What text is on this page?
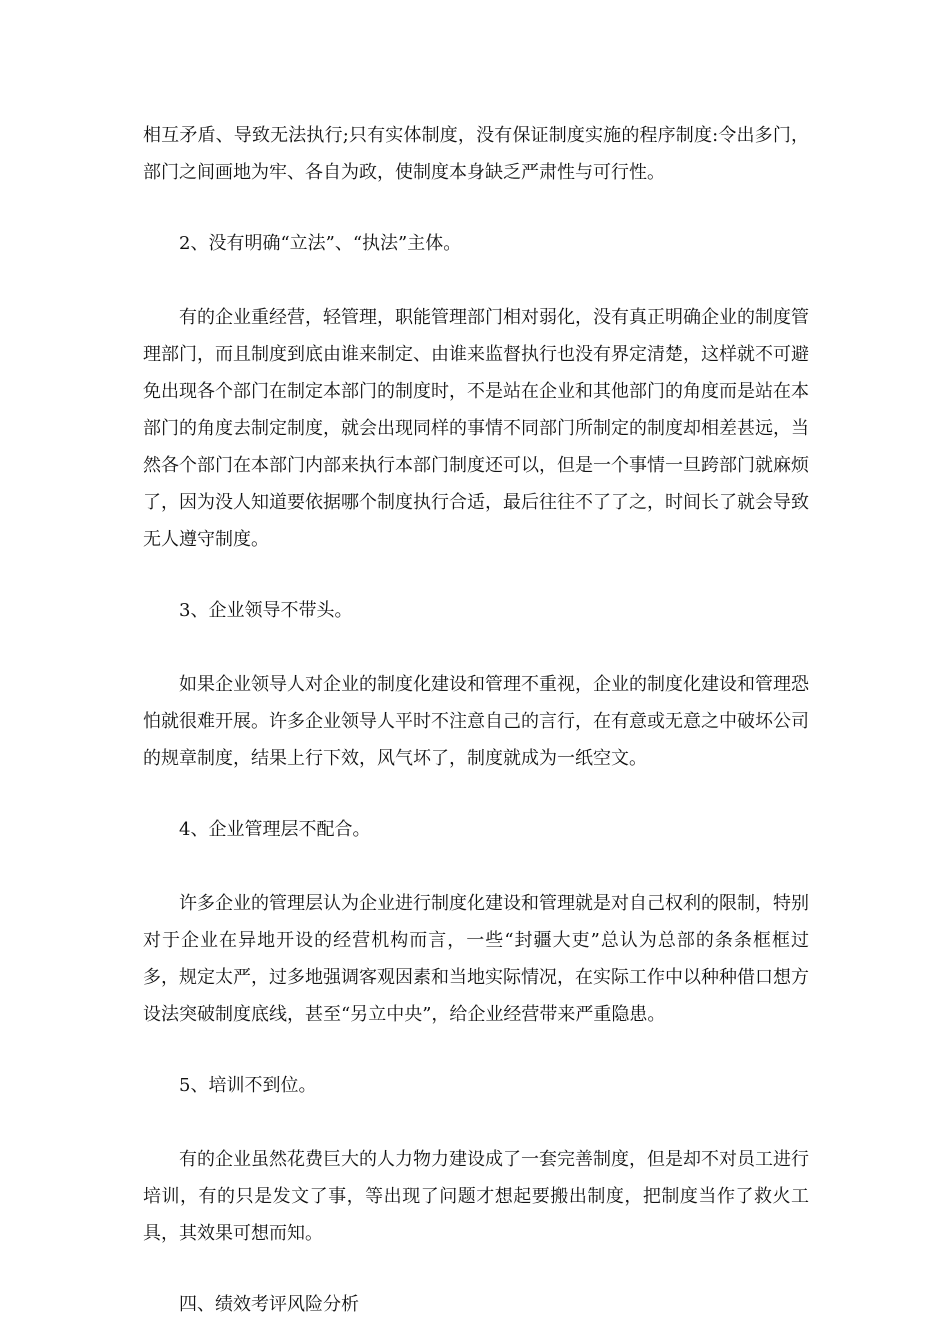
相互矛盾、导致无法执行;只有实体制度，没有保证制度实施的程序制度:令出多门，部门之间画地为牢、各自为政，使制度本身缺乏严肃性与可行性。

2、没有明确“立法”、“执法”主体。

有的企业重经营，轻管理，职能管理部门相对弱化，没有真正明确企业的制度管理部门，而且制度到底由谁来制定、由谁来监督执行也没有界定清楚，这样就不可避免出现各个部门在制定本部门的制度时，不是站在企业和其他部门的角度而是站在本部门的角度去制定制度，就会出现同样的事情不同部门所制定的制度却相差甚远，当然各个部门在本部门内部来执行本部门制度还可以，但是一个事情一旦跨部门就麻烦了，因为没人知道要依据哪个制度执行合适，最后往往不了了之，时间长了就会导致无人遵守制度。

3、企业领导不带头。

如果企业领导人对企业的制度化建设和管理不重视，企业的制度化建设和管理恐怕就很难开展。许多企业领导人平时不注意自己的言行，在有意或无意之中破坏公司的规章制度，结果上行下效，风气坏了，制度就成为一纸空文。

4、企业管理层不配合。

许多企业的管理层认为企业进行制度化建设和管理就是对自己权利的限制，特别对于企业在异地开设的经营机构而言，一些“封疆大吏”总认为总部的条条框框过多，规定太严，过多地强调客观因素和当地实际情况，在实际工作中以种种借口想方设法突破制度底线，甚至“另立中央”，给企业经营带来严重隐患。

5、培训不到位。

有的企业虽然花费巨大的人力物力建设成了一套完善制度，但是却不对员工进行培训，有的只是发文了事，等出现了问题才想起要搬出制度，把制度当作了救火工具，其效果可想而知。

四、绩效考评风险分析
